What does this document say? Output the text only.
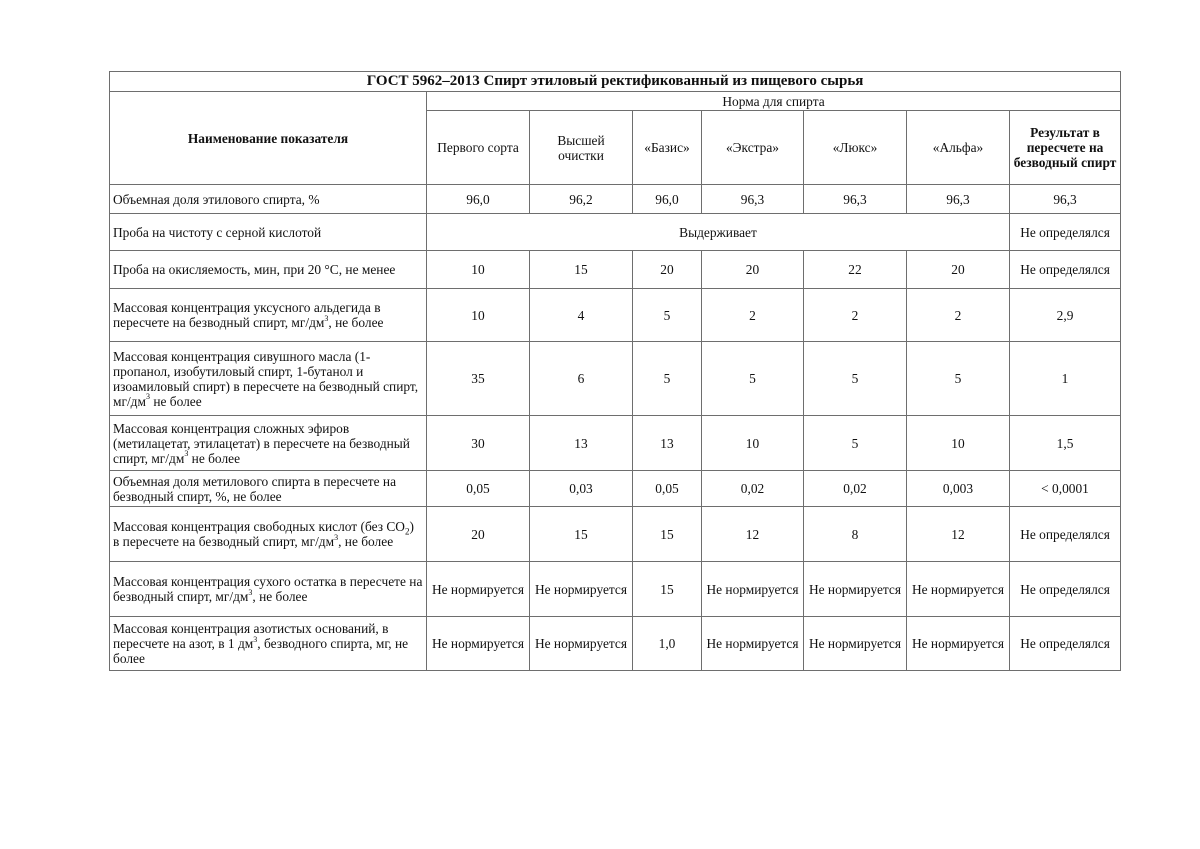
ГОСТ 5962–2013 Спирт этиловый ректификованный из пищевого сырья							
Наименование показателя	Норма для спирта						
	Первого сорта	Высшей очистки	«Базис»	«Экстра»	«Люкс»	«Альфа»	Результат в пересчете на безводный спирт
Объемная доля этилового спирта, %	96,0	96,2	96,0	96,3	96,3	96,3	96,3
Проба на чистоту с серной кислотой	Выдерживает						Не определялся
Проба на окисляемость, мин, при 20 °С, не менее	10	15	20	20	22	20	Не определялся
Массовая концентрация уксусного альдегида в пересчете на безводный спирт, $мг/дм^3$, не более	10	4	5	2	2	2	2,9
Массовая концентрация сивушного масла (1-пропанол, изобутиловый спирт, 1-бутанол и изоамиловый спирт) в пересчете на безводный спирт, $мг/дм^3$ не более	35	6	5	5	5	5	1
Массовая концентрация сложных эфиров (метилацетат, этилацетат) в пересчете на безводный спирт, $мг/дм^3$ не более	30	13	13	10	5	10	1,5
Объемная доля метилового спирта в пересчете на безводный спирт, %, не более	0,05	0,03	0,05	0,02	0,02	0,003	< 0,0001
Массовая концентрация свободных кислот (без $СО_2$) в пересчете на безводный спирт, $мг/дм^3$, не более	20	15	15	12	8	12	Не определялся
Массовая концентрация сухого остатка в пересчете на безводный спирт, $мг/дм^3$, не более	Не нормируется	Не нормируется	15	Не нормируется	Не нормируется	Не нормируется	Не определялся
Массовая концентрация азотистых оснований, в пересчете на азот, в 1 $дм^3$, безводного спирта, мг, не более	Не нормируется	Не нормируется	1,0	Не нормируется	Не нормируется	Не нормируется	Не определялся
